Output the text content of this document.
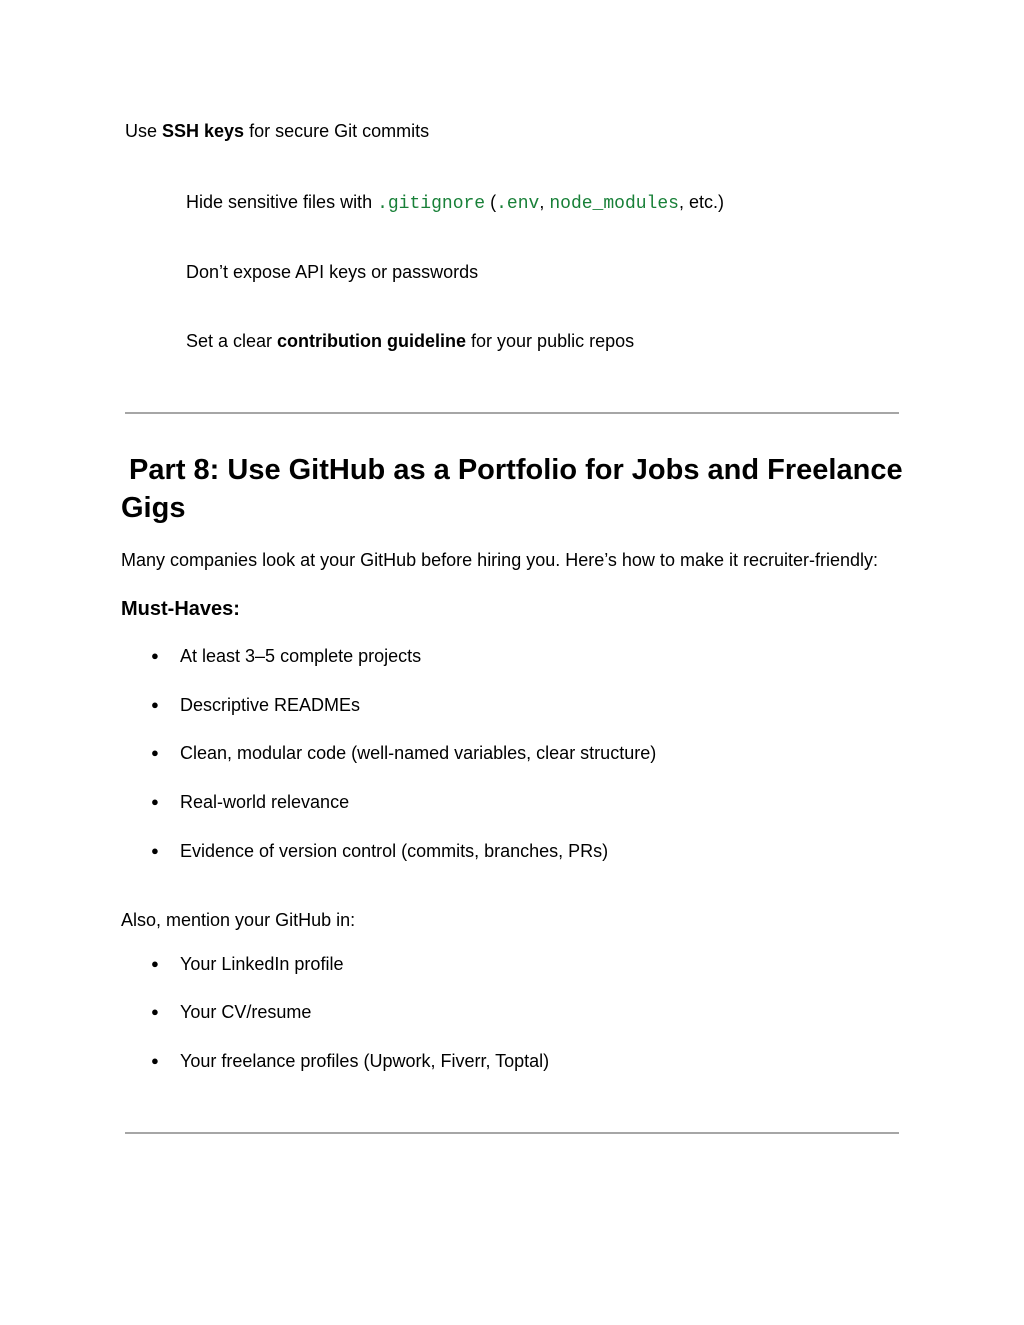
Use SSH keys for secure Git commits
Hide sensitive files with .gitignore (.env, node_modules, etc.)
Don’t expose API keys or passwords
Set a clear contribution guideline for your public repos
Part 8: Use GitHub as a Portfolio for Jobs and Freelance
Gigs
Many companies look at your GitHub before hiring you. Here’s how to make it recruiter-friendly:
Must-Haves:
● At least 3–5 complete projects
● Descriptive READMEs
● Clean, modular code (well-named variables, clear structure)
● Real-world relevance
● Evidence of version control (commits, branches, PRs)
Also, mention your GitHub in:
● Your LinkedIn profile
● Your CV/resume
● Your freelance profiles (Upwork, Fiverr, Toptal)
